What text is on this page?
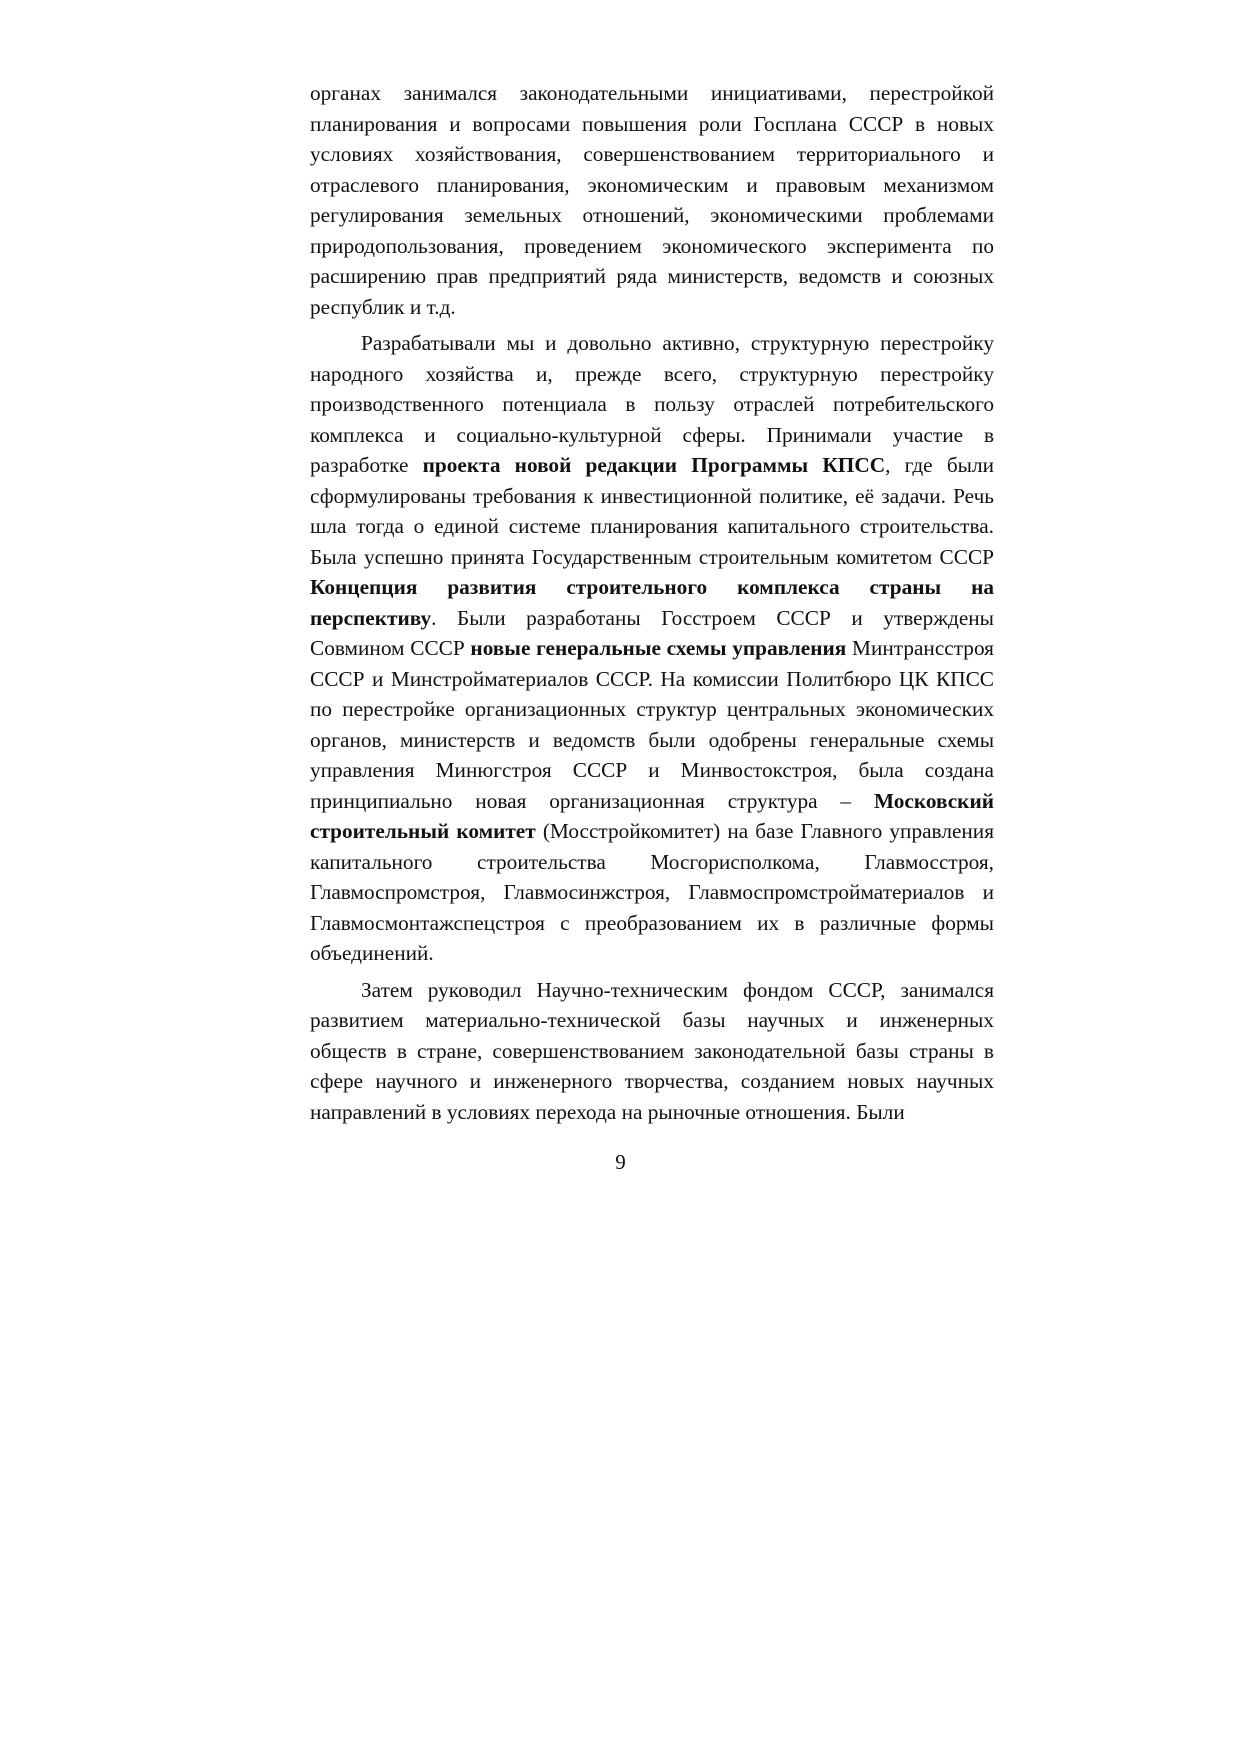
органах занимался законодательными инициативами, перестройкой планирования и вопросами повышения роли Госплана СССР в новых условиях хозяйствования, совершенствованием территориального и отраслевого планирования, экономическим и правовым механизмом регулирования земельных отношений, экономическими проблемами природопользования, проведением экономического эксперимента по расширению прав предприятий ряда министерств, ведомств и союзных республик и т.д.

Разрабатывали мы и довольно активно, структурную перестройку народного хозяйства и, прежде всего, структурную перестройку производственного потенциала в пользу отраслей потребительского комплекса и социально-культурной сферы. Принимали участие в разработке проекта новой редакции Программы КПСС, где были сформулированы требования к инвестиционной политике, её задачи. Речь шла тогда о единой системе планирования капитального строительства. Была успешно принята Государственным строительным комитетом СССР Концепция развития строительного комплекса страны на перспективу. Были разработаны Госстроем СССР и утверждены Совмином СССР новые генеральные схемы управления Минтрансстроя СССР и Минстройматериалов СССР. На комиссии Политбюро ЦК КПСС по перестройке организационных структур центральных экономических органов, министерств и ведомств были одобрены генеральные схемы управления Минюгстроя СССР и Минвостокстроя, была создана принципиально новая организационная структура – Московский строительный комитет (Мосстройкомитет) на базе Главного управления капитального строительства Мосгорисполкома, Главмосстроя, Главмоспромстроя, Главмосинжстроя, Главмоспромстройматериалов и Главмосмонтажспецстроя с преобразованием их в различные формы объединений.

Затем руководил Научно-техническим фондом СССР, занимался развитием материально-технической базы научных и инженерных обществ в стране, совершенствованием законодательной базы страны в сфере научного и инженерного творчества, созданием новых научных направлений в условиях перехода на рыночные отношения. Были

9
